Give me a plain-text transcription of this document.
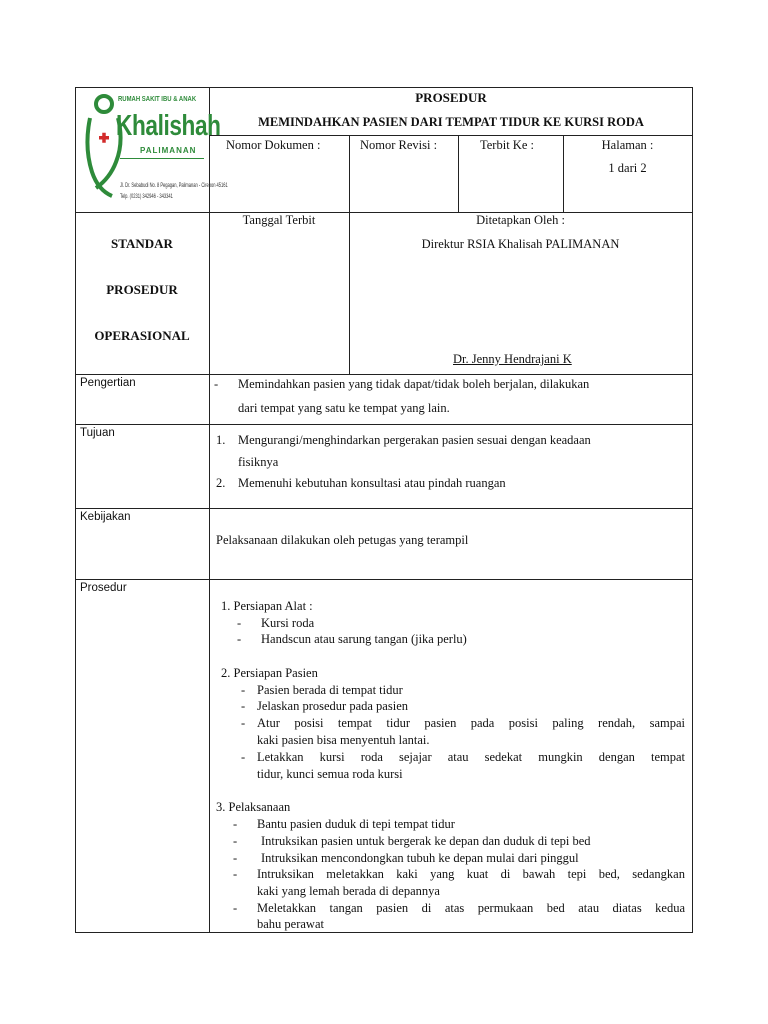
RUMAH SAKIT IBU & ANAK
Khalishah
PALIMANAN
Jl. Dr. Sebabudi No. 8 Pegagan, Palimanan - Cirebon 45161
Telp. (0231) 342946 - 343341
PROSEDUR
MEMINDAHKAN PASIEN DARI TEMPAT TIDUR KE KURSI RODA
Nomor Dokumen :	Nomor Revisi :	Terbit Ke :	Halaman :
1 dari 2
STANDAR
PROSEDUR
OPERASIONAL
Tanggal Terbit	Ditetapkan Oleh :
Direktur RSIA Khalisah PALIMANAN
Dr. Jenny Hendrajani K
Pengertian	- Memindahkan pasien yang tidak dapat/tidak boleh berjalan, dilakukan
dari tempat yang satu ke tempat yang lain.
Tujuan	1. Mengurangi/menghindarkan pergerakan pasien sesuai dengan keadaan
fisiknya
2. Memenuhi kebutuhan konsultasi atau pindah ruangan
Kebijakan
Pelaksanaan dilakukan oleh petugas yang terampil
Prosedur
1. Persiapan Alat :
- Kursi roda
- Handscun atau sarung tangan (jika perlu)
2. Persiapan Pasien
- Pasien berada di tempat tidur
- Jelaskan prosedur pada pasien
- Atur posisi tempat tidur pasien pada posisi paling rendah, sampai
kaki pasien bisa menyentuh lantai.
- Letakkan kursi roda sejajar atau sedekat mungkin dengan tempat
tidur, kunci semua roda kursi
3. Pelaksanaan
- Bantu pasien duduk di tepi tempat tidur
- Intruksikan pasien untuk bergerak ke depan dan duduk di tepi bed
- Intruksikan mencondongkan tubuh ke depan mulai dari pinggul
- Intruksikan meletakkan kaki yang kuat di bawah tepi bed, sedangkan
kaki yang lemah berada di depannya
- Meletakkan tangan pasien di atas permukaan bed atau diatas kedua
bahu perawat
